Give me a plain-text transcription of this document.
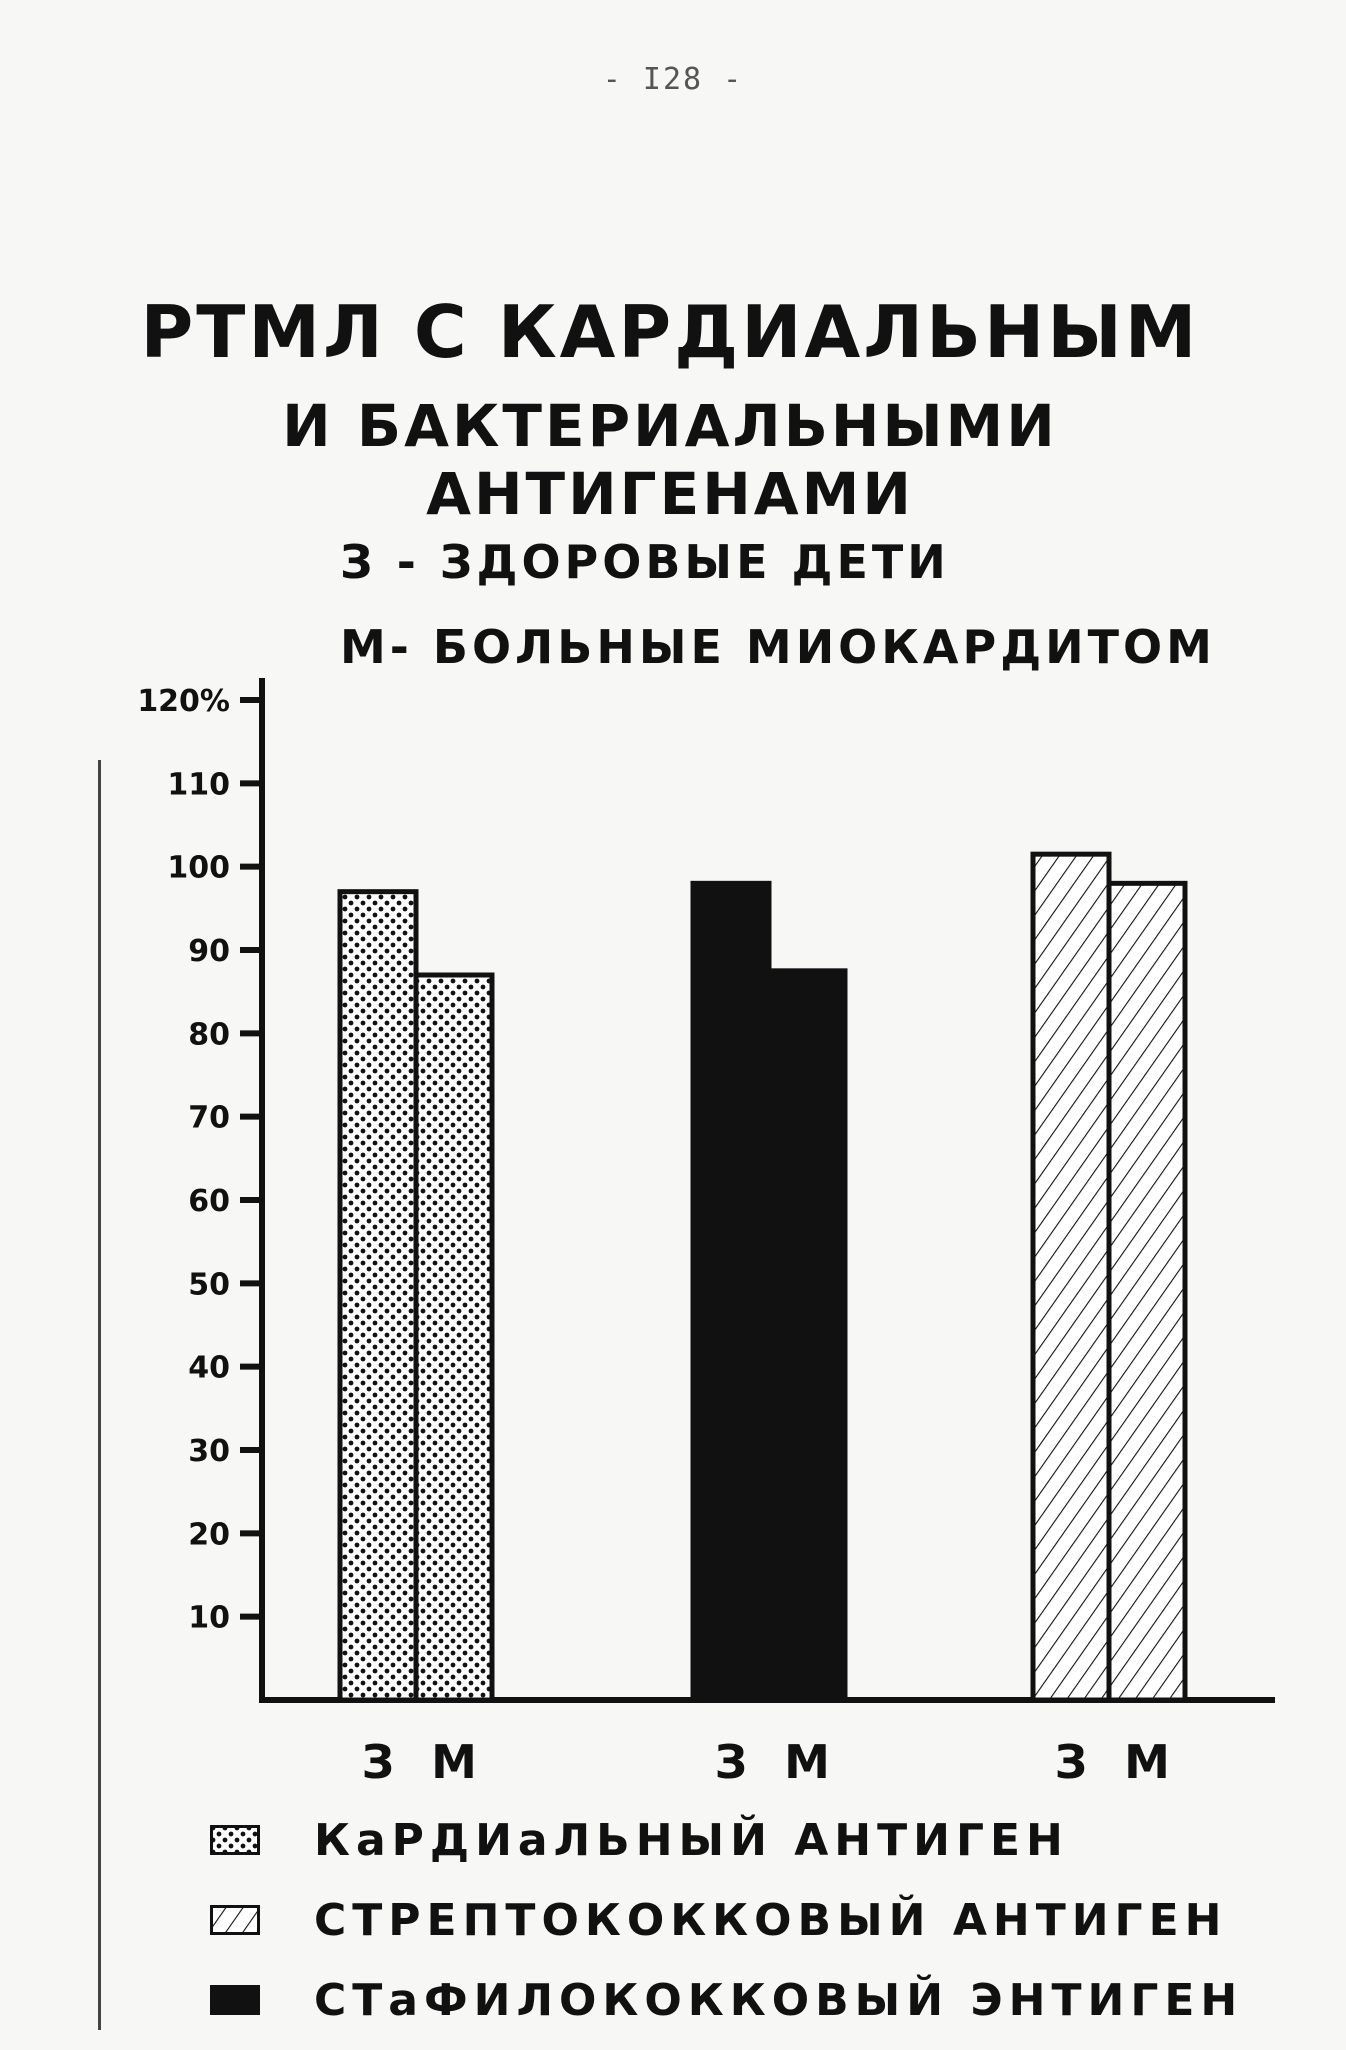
- I28 -
РТМЛ С КАРДИАЛЬНЫМ
И БАКТЕРИАЛЬНЫМИ АНТИГЕНАМИ
З - ЗДОРОВЫЕ ДЕТИ
М- БОЛЬНЫЕ МИОКАРДИТОМ
10
20
30
40
50
60
70
80
90
100
110
120%
З М	З М	З М
КаРДИаЛЬНЫЙ АНТИГЕН
СТРЕПТОКОККОВЫЙ АНТИГЕН
СТаФИЛОКОККОВЫЙ ЭНТИГЕН
